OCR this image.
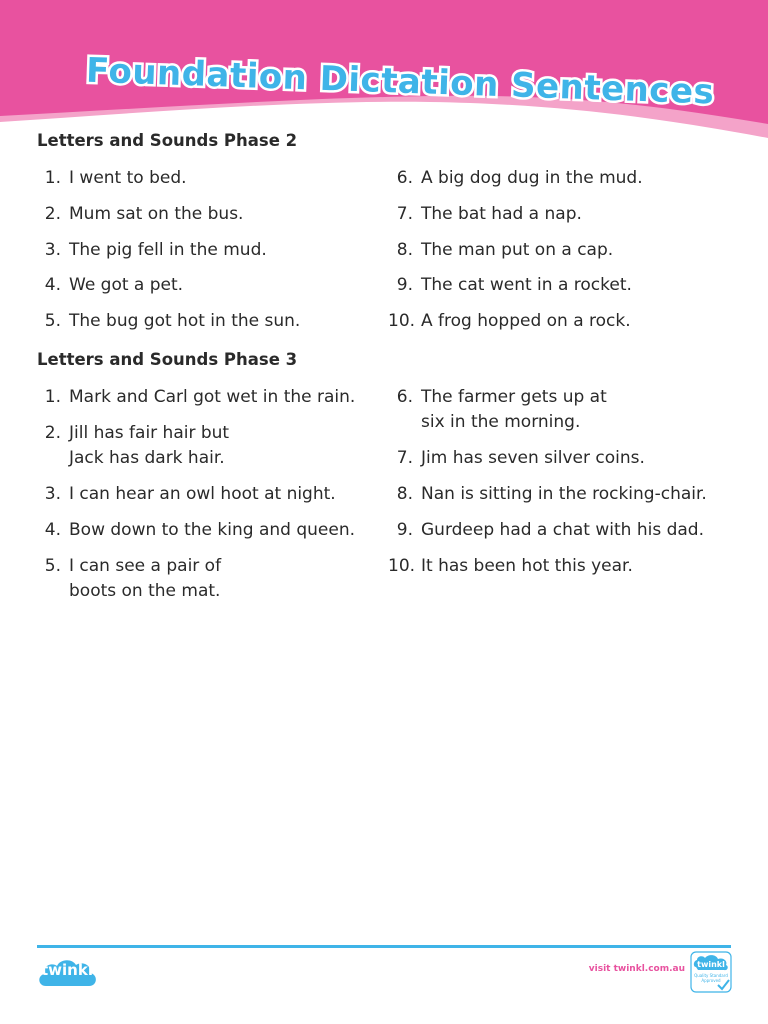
Foundation Dictation Sentences
Letters and Sounds Phase 2
1. I went to bed.
2. Mum sat on the bus.
3. The pig fell in the mud.
4. We got a pet.
5. The bug got hot in the sun.
6. A big dog dug in the mud.
7. The bat had a nap.
8. The man put on a cap.
9. The cat went in a rocket.
10. A frog hopped on a rock.
Letters and Sounds Phase 3
1. Mark and Carl got wet in the rain.
2. Jill has fair hair but
Jack has dark hair.
3. I can hear an owl hoot at night.
4. Bow down to the king and queen.
5. I can see a pair of
boots on the mat.
6. The farmer gets up at
six in the morning.
7. Jim has seven silver coins.
8. Nan is sitting in the rocking-chair.
9. Gurdeep had a chat with his dad.
10. It has been hot this year.
twinkl	visit twinkl.com.au	twinkl
Quality Standard
Approved
